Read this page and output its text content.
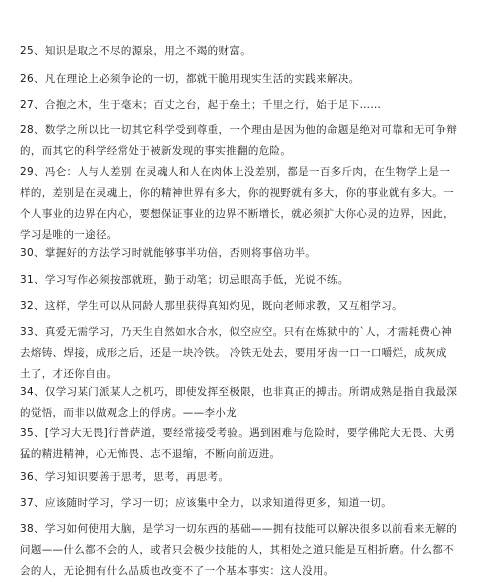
25、知识是取之不尽的源泉，用之不竭的财富。

26、凡在理论上必须争论的一切，都就干脆用现实生活的实践来解决。

27、合抱之木，生于毫末；百丈之台，起于垒土；千里之行，始于足下……

28、数学之所以比一切其它科学受到尊重，一个理由是因为他的命题是绝对可靠和无可争辩
的，而其它的科学经常处于被新发现的事实推翻的危险。

29、冯仑：人与人差别 在灵魂人和人在肉体上没差别，都是一百多斤肉，在生物学上是一
样的，差别是在灵魂上，你的精神世界有多大，你的视野就有多大，你的事业就有多大。一
个人事业的边界在内心，要想保证事业的边界不断增长，就必须扩大你心灵的边界，因此，
学习是唯的一途径。

30、掌握好的方法学习时就能够事半功倍，否则将事倍功半。

31、学习写作必须按部就班，勤于动笔；切忌眼高手低，光说不练。

32、这样，学生可以从同龄人那里获得真知灼见，既向老师求教，又互相学习。

33、真爱无需学习，乃天生自然如水合水，似空应空。只有在炼狱中的`人，才需耗费心神
去熔铸、焊接，成形之后，还是一块冷铁。 冷铁无处去，要用牙齿一口一口嚼烂，成灰成
土了，才还你自由。

34、仅学习某门派某人之机巧，即使发挥至极限，也非真正的搏击。所谓成熟是指自我最深
的觉悟，而非以做观念上的俘虏。——李小龙

35、[学习大无畏]行普萨道，要经常接受考验。遇到困难与危险时，要学佛陀大无畏、大勇
猛的精进精神，心无怖畏、志不退缩，不断向前迈进。

36、学习知识要善于思考，思考，再思考。

37、应该随时学习，学习一切；应该集中全力，以求知道得更多，知道一切。

38、学习如何使用大脑，是学习一切东西的基础——拥有技能可以解决很多以前看来无解的
问题——什么都不会的人，或者只会极少技能的人，其相处之道只能是互相折磨。什么都不
会的人，无论拥有什么品质也改变不了一个基本事实：这人没用。
